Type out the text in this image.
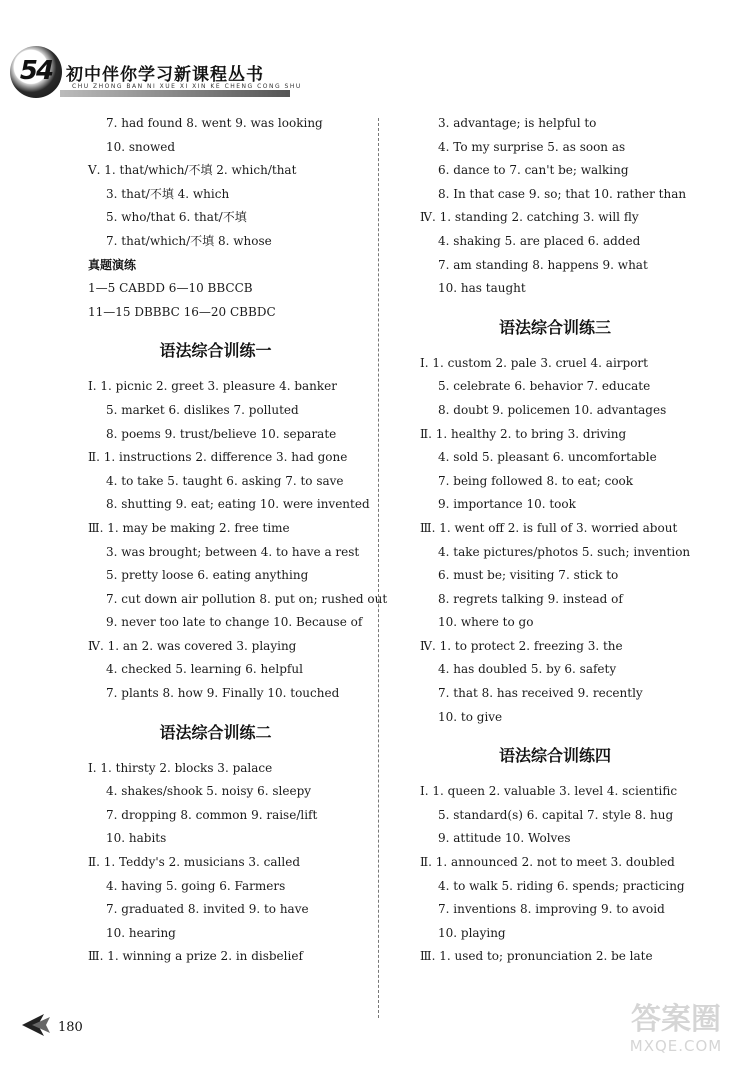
54 初中伴你学习新课程丛书
CHU ZHONG BAN NI XUE XI XIN KE CHENG CONG SHU
7. had found 8. went 9. was looking
10. snowed
Ⅴ. 1. that/which/不填 2. which/that
3. that/不填 4. which
5. who/that 6. that/不填
7. that/which/不填 8. whose
真题演练
1—5 CABDD 6—10 BBCCB
11—15 DBBBC 16—20 CBBDC
语法综合训练一
Ⅰ. 1. picnic 2. greet 3. pleasure 4. banker
5. market 6. dislikes 7. polluted
8. poems 9. trust/believe 10. separate
Ⅱ. 1. instructions 2. difference 3. had gone
4. to take 5. taught 6. asking 7. to save
8. shutting 9. eat; eating 10. were invented
Ⅲ. 1. may be making 2. free time
3. was brought; between 4. to have a rest
5. pretty loose 6. eating anything
7. cut down air pollution 8. put on; rushed out
9. never too late to change 10. Because of
Ⅳ. 1. an 2. was covered 3. playing
4. checked 5. learning 6. helpful
7. plants 8. how 9. Finally 10. touched
语法综合训练二
Ⅰ. 1. thirsty 2. blocks 3. palace
4. shakes/shook 5. noisy 6. sleepy
7. dropping 8. common 9. raise/lift
10. habits
Ⅱ. 1. Teddy's 2. musicians 3. called
4. having 5. going 6. Farmers
7. graduated 8. invited 9. to have
10. hearing
Ⅲ. 1. winning a prize 2. in disbelief
3. advantage; is helpful to
4. To my surprise 5. as soon as
6. dance to 7. can't be; walking
8. In that case 9. so; that 10. rather than
Ⅳ. 1. standing 2. catching 3. will fly
4. shaking 5. are placed 6. added
7. am standing 8. happens 9. what
10. has taught
语法综合训练三
Ⅰ. 1. custom 2. pale 3. cruel 4. airport
5. celebrate 6. behavior 7. educate
8. doubt 9. policemen 10. advantages
Ⅱ. 1. healthy 2. to bring 3. driving
4. sold 5. pleasant 6. uncomfortable
7. being followed 8. to eat; cook
9. importance 10. took
Ⅲ. 1. went off 2. is full of 3. worried about
4. take pictures/photos 5. such; invention
6. must be; visiting 7. stick to
8. regrets talking 9. instead of
10. where to go
Ⅳ. 1. to protect 2. freezing 3. the
4. has doubled 5. by 6. safety
7. that 8. has received 9. recently
10. to give
语法综合训练四
Ⅰ. 1. queen 2. valuable 3. level 4. scientific
5. standard(s) 6. capital 7. style 8. hug
9. attitude 10. Wolves
Ⅱ. 1. announced 2. not to meet 3. doubled
4. to walk 5. riding 6. spends; practicing
7. inventions 8. improving 9. to avoid
10. playing
Ⅲ. 1. used to; pronunciation 2. be late
180	答案圈
MXQE.COM
